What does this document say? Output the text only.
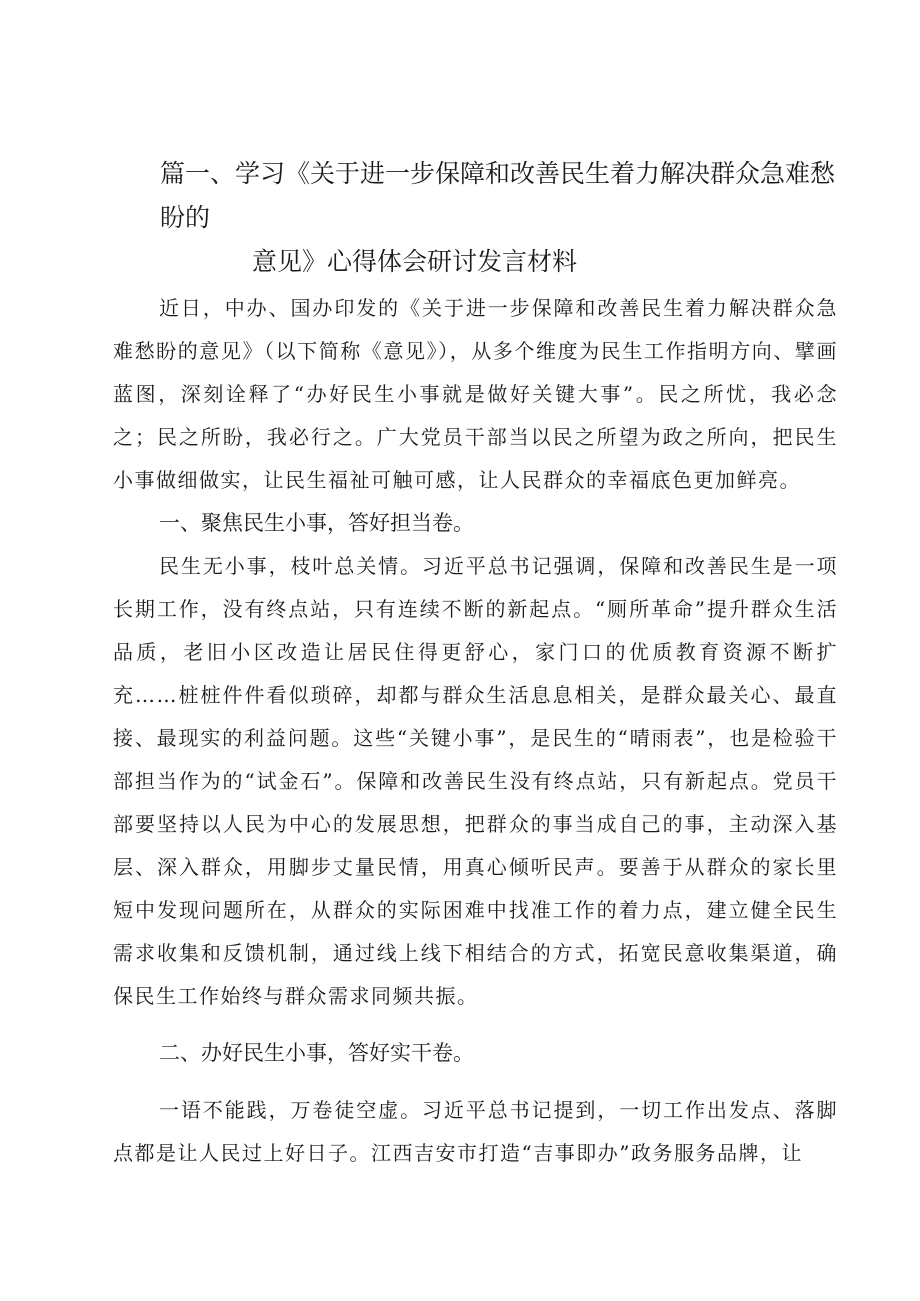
篇一、学习《关于进一步保障和改善民生着力解决群众急难愁盼的
意见》心得体会研讨发言材料

近日，中办、国办印发的《关于进一步保障和改善民生着力解决群众急难愁盼的意见》（以下简称《意见》），从多个维度为民生工作指明方向、擘画蓝图，深刻诠释了“办好民生小事就是做好关键大事”。民之所忧，我必念之；民之所盼，我必行之。广大党员干部当以民之所望为政之所向，把民生小事做细做实，让民生福祉可触可感，让人民群众的幸福底色更加鲜亮。

一、聚焦民生小事，答好担当卷。

民生无小事，枝叶总关情。习近平总书记强调，保障和改善民生是一项长期工作，没有终点站，只有连续不断的新起点。“厕所革命”提升群众生活品质，老旧小区改造让居民住得更舒心，家门口的优质教育资源不断扩充……桩桩件件看似琐碎，却都与群众生活息息相关，是群众最关心、最直接、最现实的利益问题。这些“关键小事”，是民生的“晴雨表”，也是检验干部担当作为的“试金石”。保障和改善民生没有终点站，只有新起点。党员干部要坚持以人民为中心的发展思想，把群众的事当成自己的事，主动深入基层、深入群众，用脚步丈量民情，用真心倾听民声。要善于从群众的家长里短中发现问题所在，从群众的实际困难中找准工作的着力点，建立健全民生需求收集和反馈机制，通过线上线下相结合的方式，拓宽民意收集渠道，确保民生工作始终与群众需求同频共振。

二、办好民生小事，答好实干卷。

一语不能践，万卷徒空虚。习近平总书记提到，一切工作出发点、落脚点都是让人民过上好日子。江西吉安市打造“吉事即办”政务服务品牌，让
